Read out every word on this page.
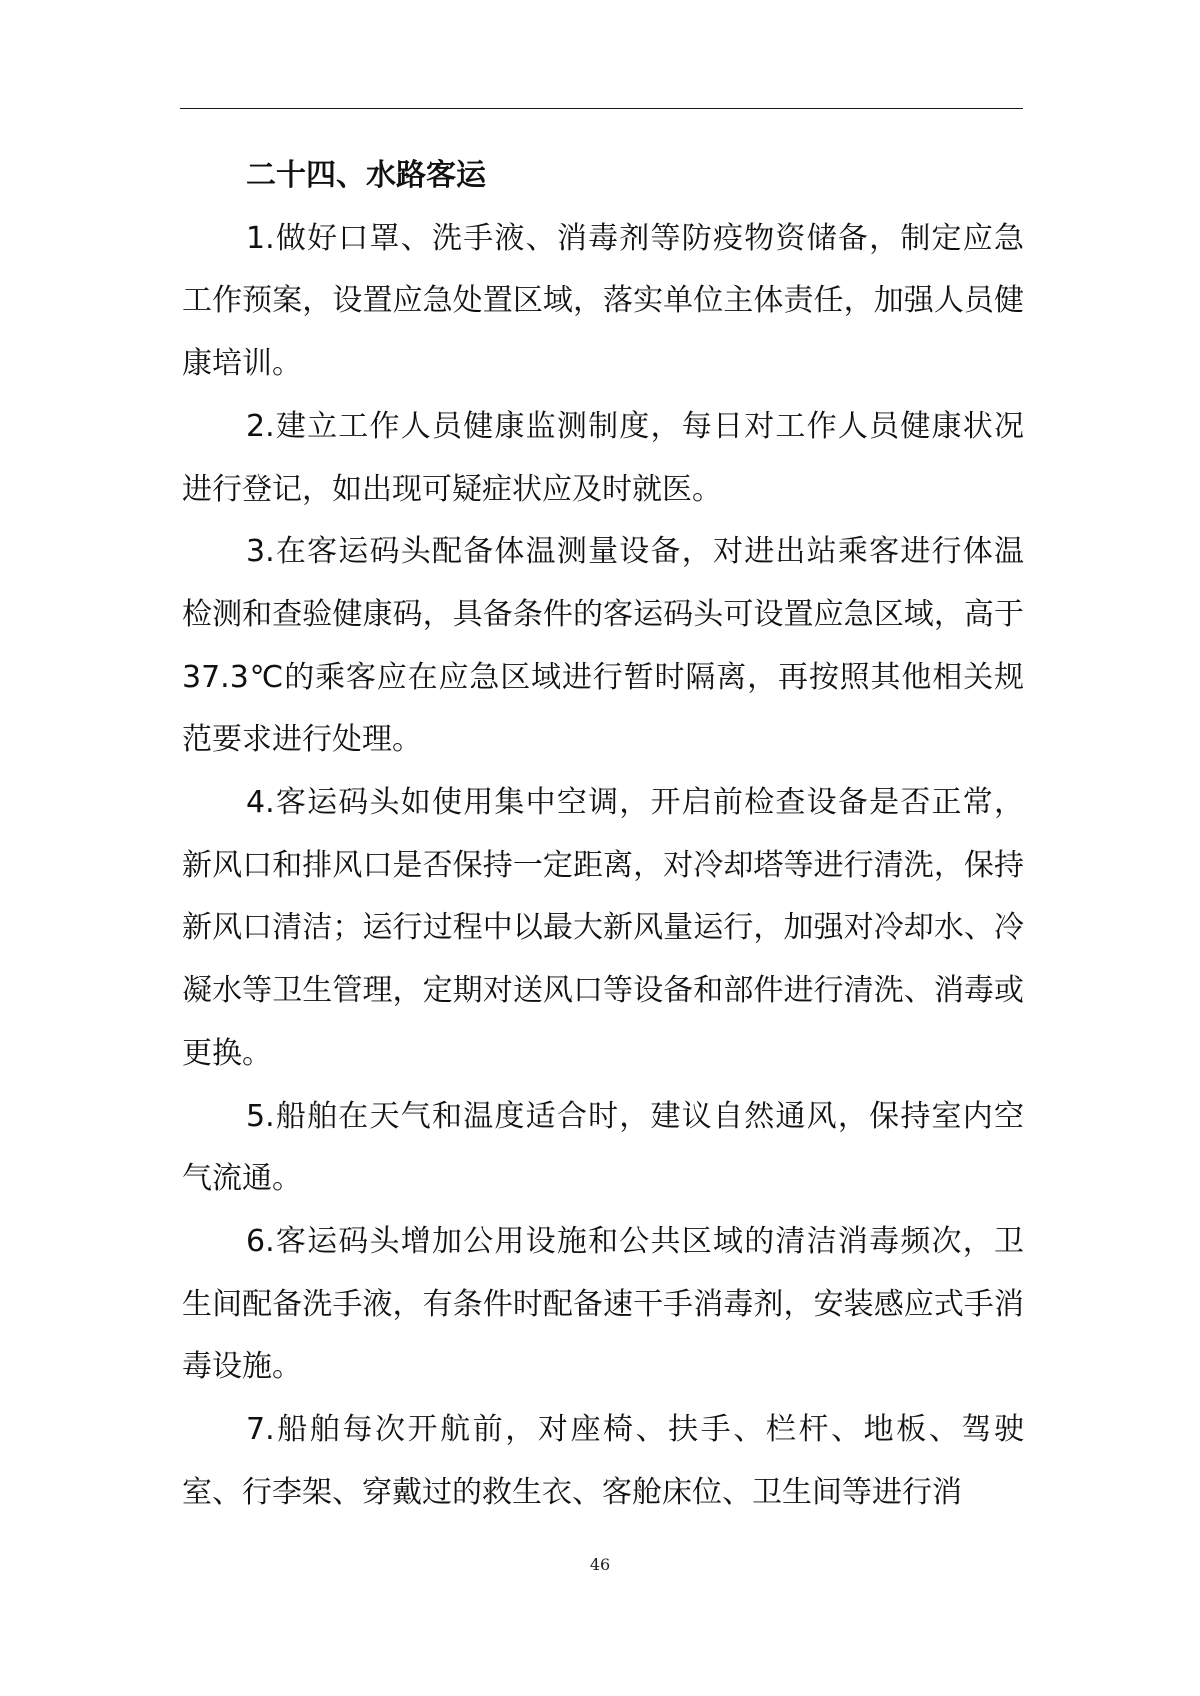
二十四、水路客运

1.做好口罩、洗手液、消毒剂等防疫物资储备，制定应急工作预案，设置应急处置区域，落实单位主体责任，加强人员健康培训。

2.建立工作人员健康监测制度，每日对工作人员健康状况进行登记，如出现可疑症状应及时就医。

3.在客运码头配备体温测量设备，对进出站乘客进行体温检测和查验健康码，具备条件的客运码头可设置应急区域，高于 37.3℃的乘客应在应急区域进行暂时隔离，再按照其他相关规范要求进行处理。

4.客运码头如使用集中空调，开启前检查设备是否正常，新风口和排风口是否保持一定距离，对冷却塔等进行清洗，保持新风口清洁；运行过程中以最大新风量运行，加强对冷却水、冷凝水等卫生管理，定期对送风口等设备和部件进行清洗、消毒或更换。

5.船舶在天气和温度适合时，建议自然通风，保持室内空气流通。

6.客运码头增加公用设施和公共区域的清洁消毒频次，卫生间配备洗手液，有条件时配备速干手消毒剂，安装感应式手消毒设施。

7.船舶每次开航前，对座椅、扶手、栏杆、地板、驾驶室、行李架、穿戴过的救生衣、客舱床位、卫生间等进行消

46
